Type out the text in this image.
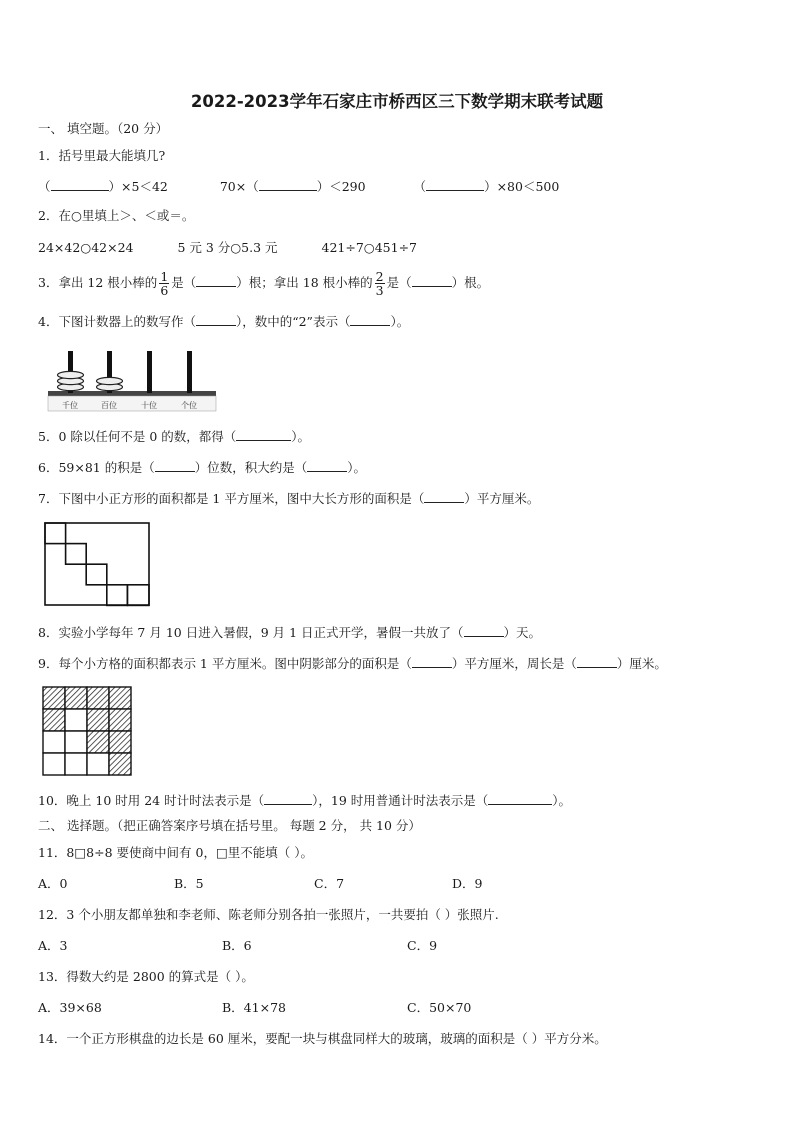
2022-2023学年石家庄市桥西区三下数学期末联考试题
一、 填空题。（20 分）
1．括号里最大能填几?
（	）×5＜42	70×（	）＜290	（	）×80＜500
2．在○里填上＞、＜或＝。
24×42○42×24	5 元 3 分○5.3 元	421÷7○451÷7
3．拿出 12 根小棒的 $\frac{1}{6}$ 是（	）根；拿出 18 根小棒的 $\frac{2}{3}$ 是（	）根。
4．下图计数器上的数写作（	），数中的“2”表示（	）。
千位	百位	十位	个位
5．0 除以任何不是 0 的数，都得（	）。
6．59×81 的积是（	）位数，积大约是（	）。
7．下图中小正方形的面积都是 1 平方厘米，图中大长方形的面积是（	）平方厘米。
8．实验小学每年 7 月 10 日进入暑假，9 月 1 日正式开学，暑假一共放了（	）天。
9．每个小方格的面积都表示 1 平方厘米。图中阴影部分的面积是（	）平方厘米，周长是（	）厘米。
10．晚上 10 时用 24 时计时法表示是（	），19 时用普通计时法表示是（	）。
二、 选择题。（把正确答案序号填在括号里。 每题 2 分， 共 10 分）
11．8□8÷8 要使商中间有 0，□里不能填（ ）。
A．0	B．5	C．7	D．9
12．3 个小朋友都单独和李老师、陈老师分别各拍一张照片，一共要拍（ ）张照片.
A．3	B．6	C．9
13．得数大约是 2800 的算式是（ ）。
A．39×68	B．41×78	C．50×70
14．一个正方形棋盘的边长是 60 厘米，要配一块与棋盘同样大的玻璃，玻璃的面积是（ ）平方分米。
